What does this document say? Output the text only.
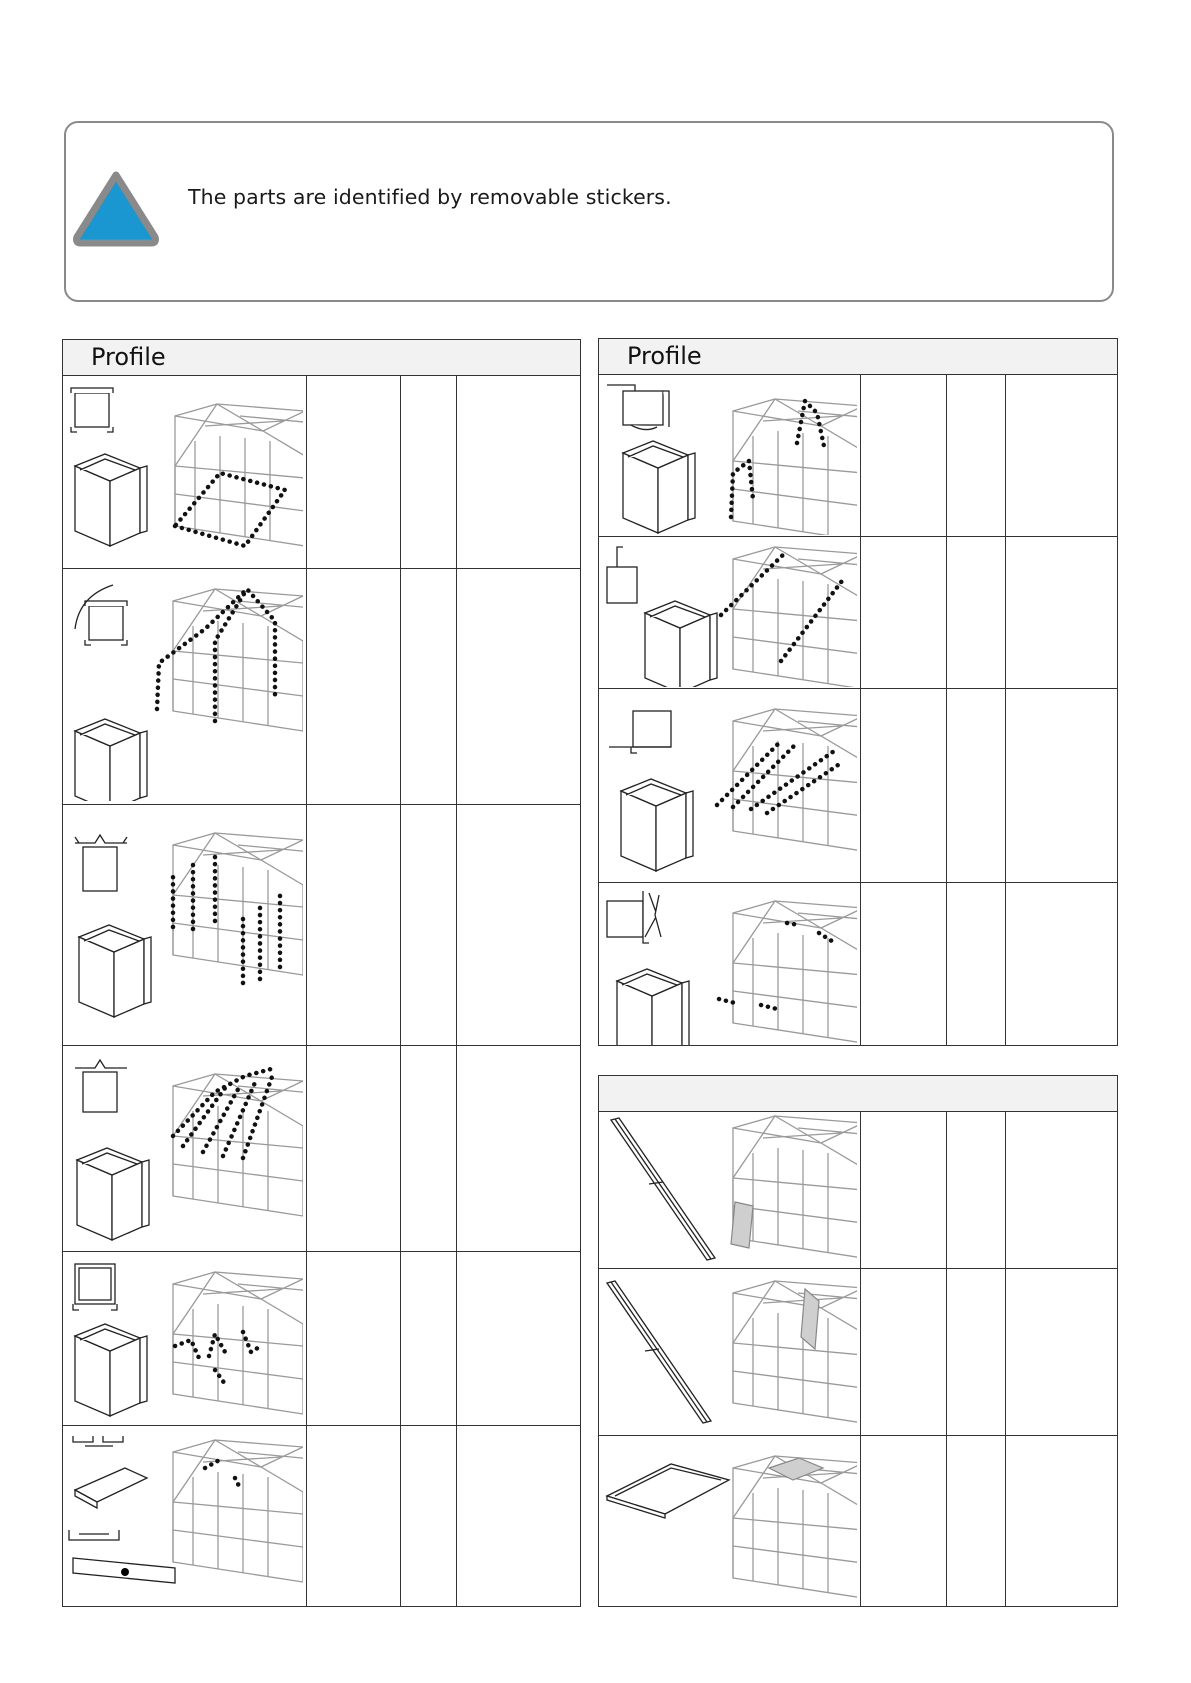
The parts are identified by removable stickers.
Profile	Profile
